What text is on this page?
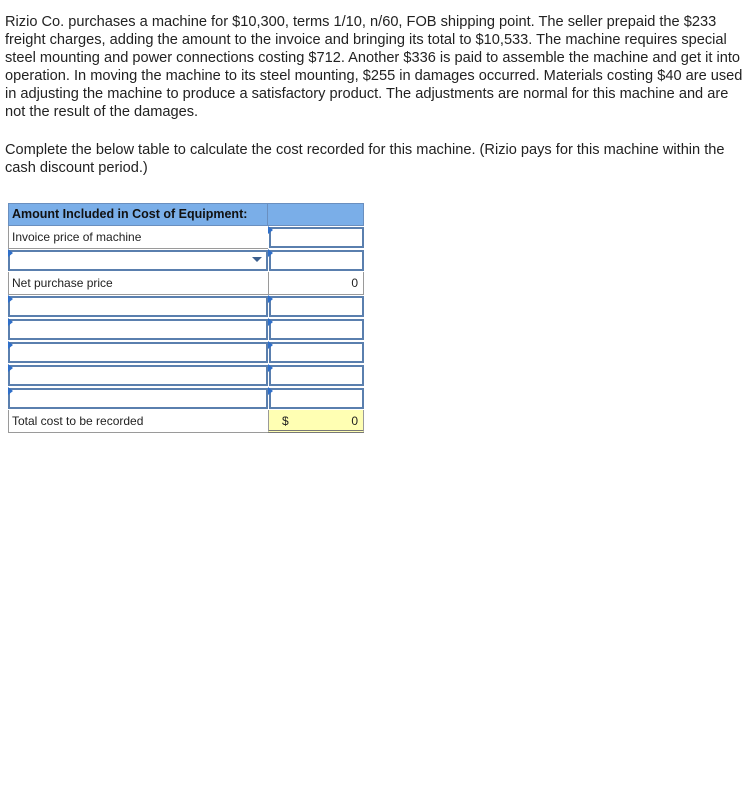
Rizio Co. purchases a machine for $10,300, terms 1/10, n/60, FOB shipping point. The seller prepaid the $233 freight charges, adding the amount to the invoice and bringing its total to $10,533. The machine requires special steel mounting and power connections costing $712. Another $336 is paid to assemble the machine and get it into operation. In moving the machine to its steel mounting, $255 in damages occurred. Materials costing $40 are used in adjusting the machine to produce a satisfactory product. The adjustments are normal for this machine and are not the result of the damages.

Complete the below table to calculate the cost recorded for this machine. (Rizio pays for this machine within the cash discount period.)

Amount Included in Cost of Equipment:
Invoice price of machine
Net purchase price	0
Total cost to be recorded	$	0
